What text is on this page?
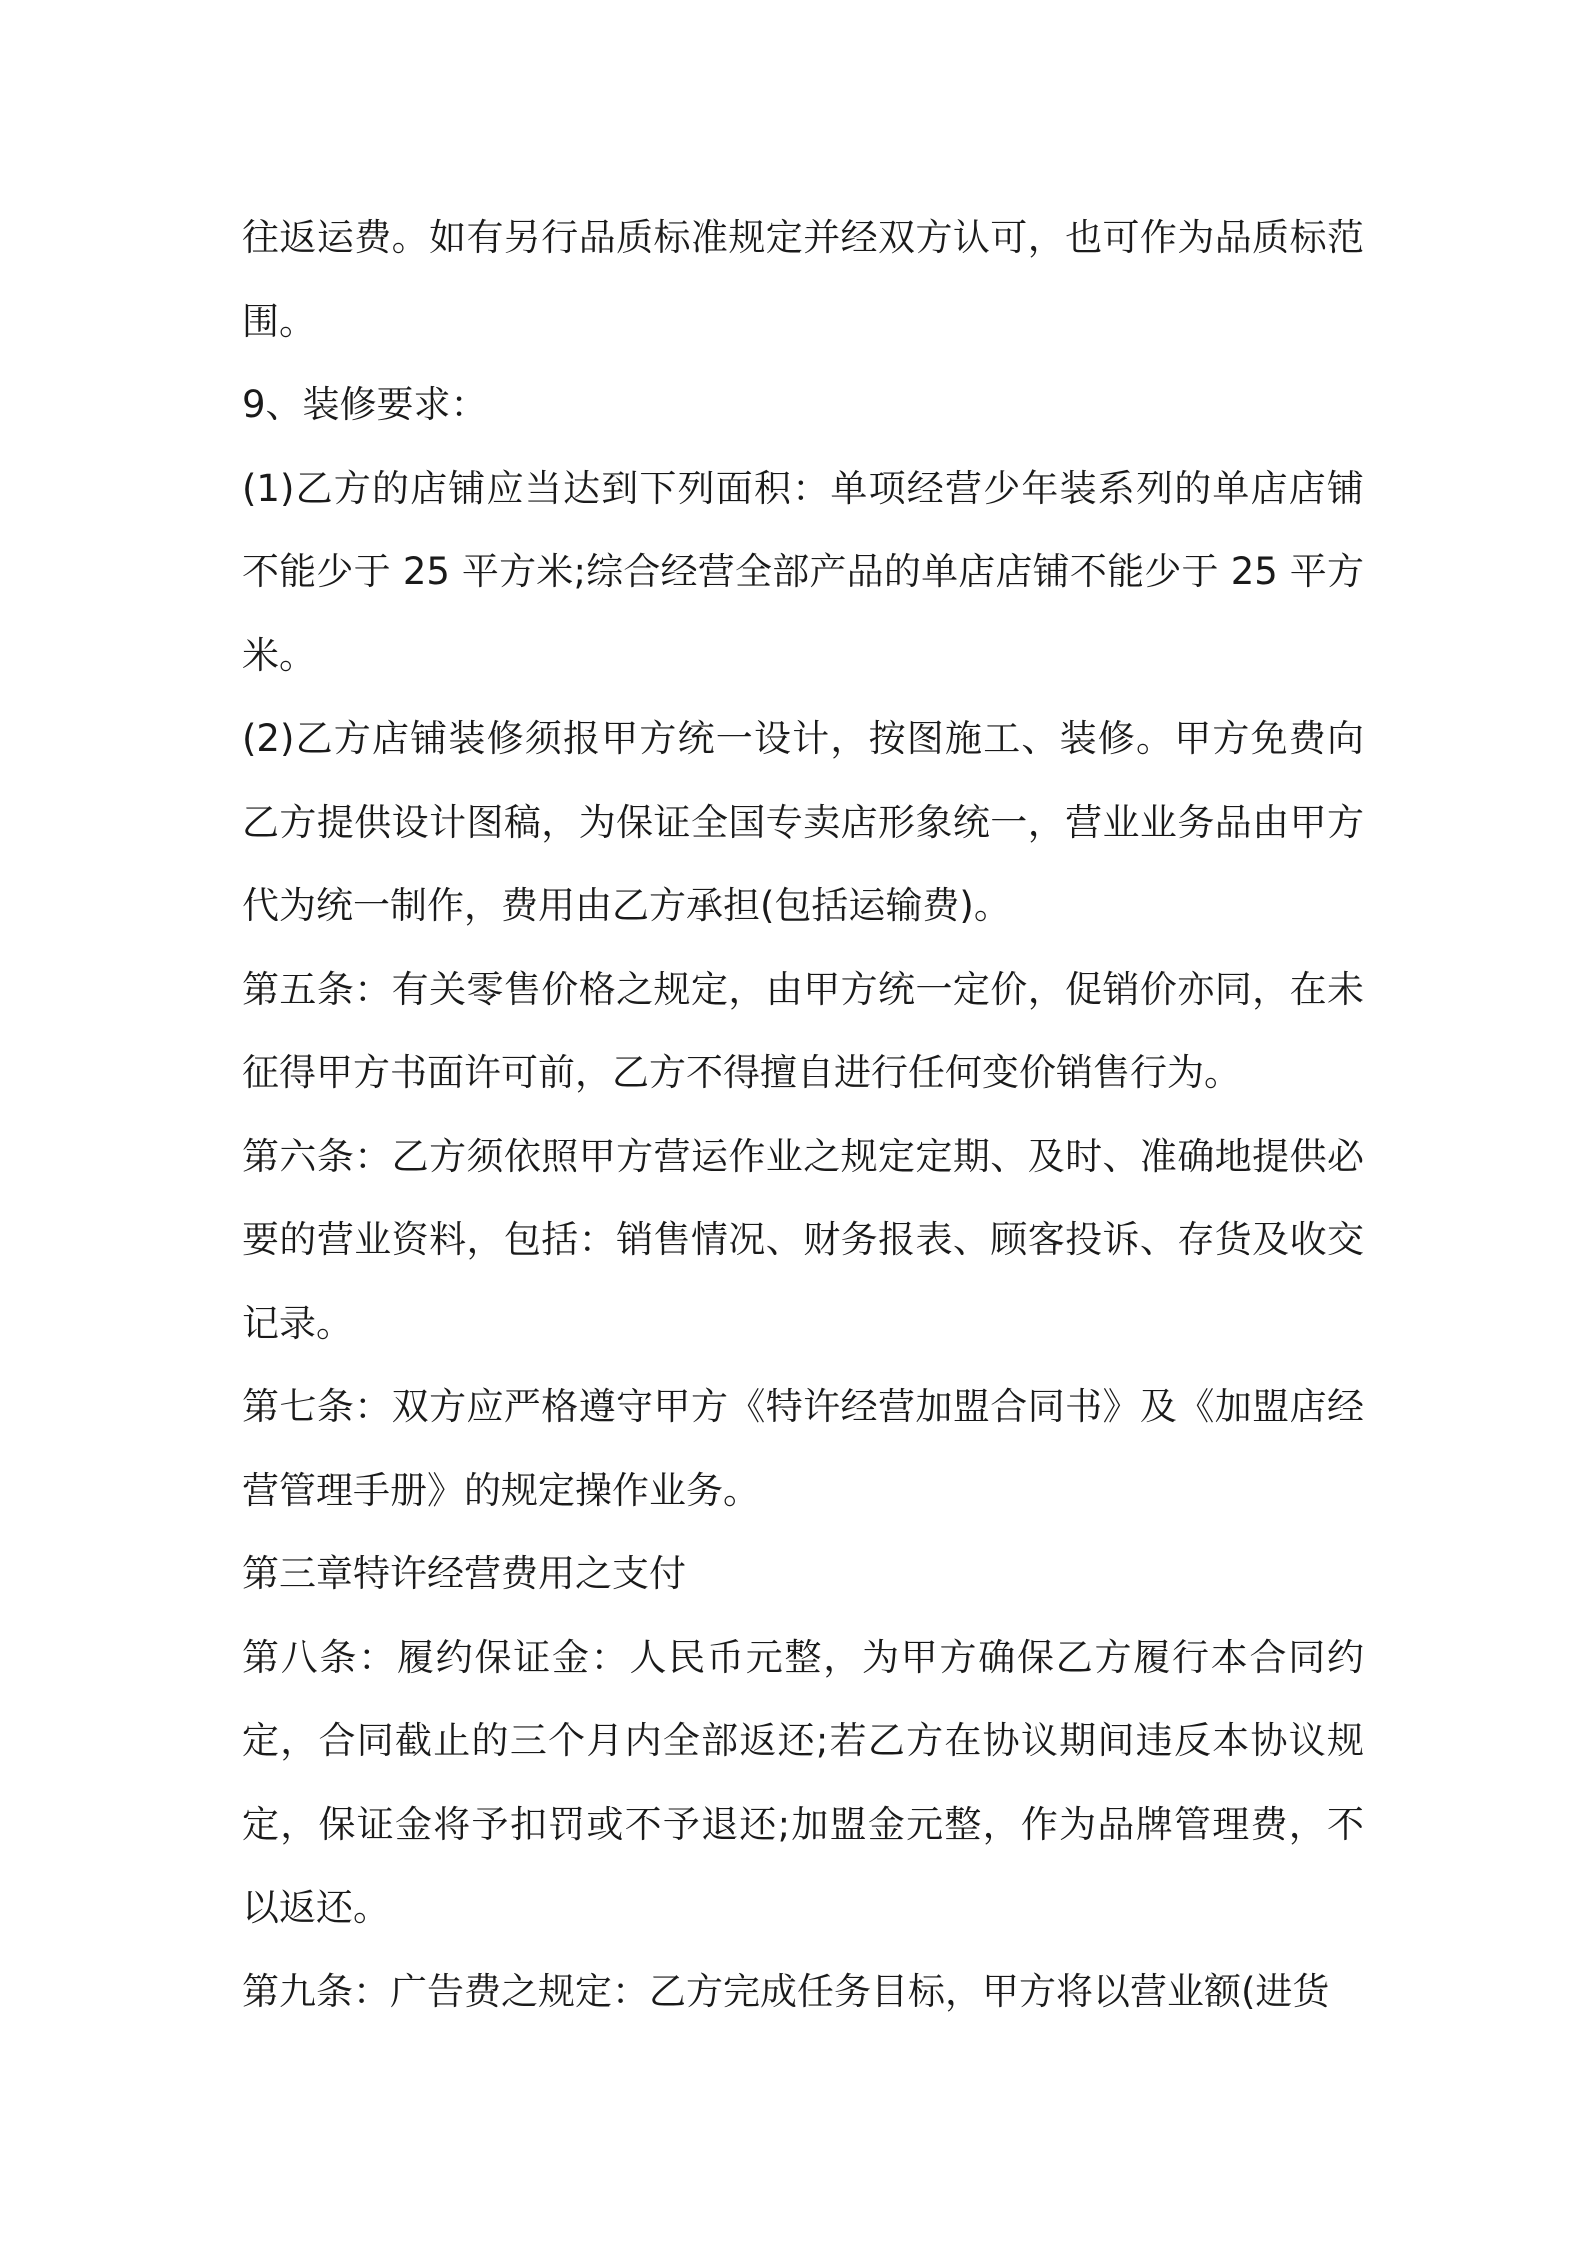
往返运费。如有另行品质标准规定并经双方认可，也可作为品质标范围。

9、装修要求：

(1)乙方的店铺应当达到下列面积：单项经营少年装系列的单店店铺不能少于 25 平方米;综合经营全部产品的单店店铺不能少于 25 平方米。

(2)乙方店铺装修须报甲方统一设计，按图施工、装修。甲方免费向乙方提供设计图稿，为保证全国专卖店形象统一，营业业务品由甲方代为统一制作，费用由乙方承担(包括运输费)。

第五条：有关零售价格之规定，由甲方统一定价，促销价亦同，在未征得甲方书面许可前，乙方不得擅自进行任何变价销售行为。

第六条：乙方须依照甲方营运作业之规定定期、及时、准确地提供必要的营业资料，包括：销售情况、财务报表、顾客投诉、存货及收交记录。

第七条：双方应严格遵守甲方《特许经营加盟合同书》及《加盟店经营管理手册》的规定操作业务。

第三章特许经营费用之支付

第八条：履约保证金：人民币元整，为甲方确保乙方履行本合同约定，合同截止的三个月内全部返还;若乙方在协议期间违反本协议规定，保证金将予扣罚或不予退还;加盟金元整，作为品牌管理费，不以返还。

第九条：广告费之规定：乙方完成任务目标，甲方将以营业额(进货
